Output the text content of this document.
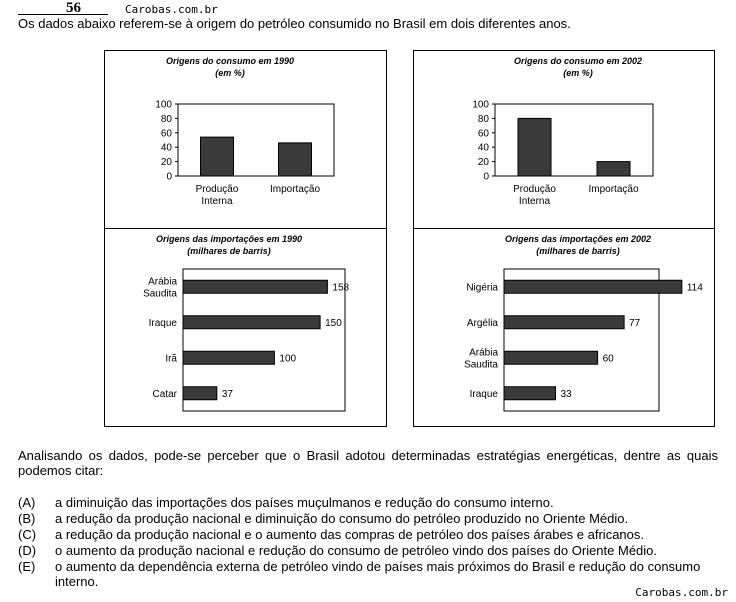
56	Carobas.com.br
Os dados abaixo referem-se à origem do petróleo consumido no Brasil em dois diferentes anos.
Origens do consumo em 1990
(em %)
0
20
40
60
80
100
Produção
Interna
Importação
Origens das importações em 1990
(milhares de barris)
158
Arábia
Saudita
150
Iraque
100
Irã
37
Catar
Origens do consumo em 2002
(em %)
0
20
40
60
80
100
Produção
Interna
Importação
Origens das importações em 2002
(milhares de barris)
114
Nigéria
77
Argélia
60
Arábia
Saudita
33
Iraque
Analisando os dados, pode-se perceber que o Brasil adotou determinadas estratégias energéticas, dentre as quais podemos citar:
(A) a diminuição das importações dos países muçulmanos e redução do consumo interno.
(B) a redução da produção nacional e diminuição do consumo do petróleo produzido no Oriente Médio.
(C) a redução da produção nacional e o aumento das compras de petróleo dos países árabes e africanos.
(D) o aumento da produção nacional e redução do consumo de petróleo vindo dos países do Oriente Médio.
(E) o aumento da dependência externa de petróleo vindo de países mais próximos do Brasil e redução do consumo interno.
Carobas.com.br
